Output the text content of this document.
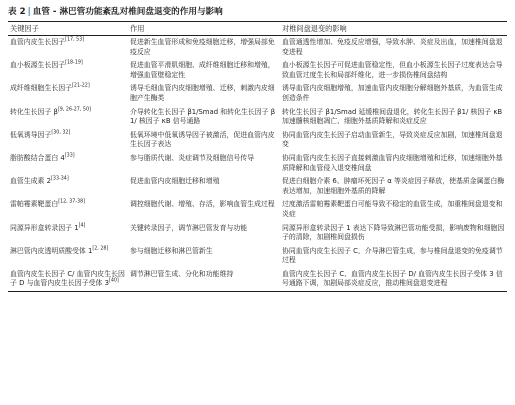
表 2 | 血管 - 淋巴管功能紊乱对椎间盘退变的作用与影响
关键因子	作用	对椎间盘退变的影响
血管内皮生长因子[17, 53]	促进新生血管形成和免疫细胞迁移，增强局部免疫反应	血管通透性增加、免疫反应增强，导致水肿、炎症及出血，加速椎间盘退变进程
血小板源生长因子[18-19]	促进血管平滑肌细胞、成纤维细胞迁移和增殖，增强血管壁稳定性	血小板源生长因子可促进血管稳定性，但血小板源生长因子过度表达会导致血管过度生长和局部纤维化，进一步损伤椎间盘结构
成纤维细胞生长因子[21-22]	诱导毛细血管内皮细胞增殖、迁移，刺激内皮细胞产生酶类	诱导血管内皮细胞增殖，加速血管内皮细胞分解细胞外基质，为血管生成创造条件
转化生长因子 β[9, 26-27, 50]	介导转化生长因子 β1/Smad 和转化生长因子 β1/ 核因子 κB 信号通路	转化生长因子 β1/Smad 延缓椎间盘退化，转化生长因子 β1/ 核因子 κB 加速髓核细胞凋亡、细胞外基质降解和炎症反应
低氧诱导因子[30, 32]	低氧环境中低氧诱导因子被激活，促进血管内皮生长因子表达	协同血管内皮生长因子启动血管新生，导致炎症反应加剧，加速椎间盘退变
脂肪酸结合蛋白 4[33]	参与脂质代谢、炎症调节及细胞信号传导	协同血管内皮生长因子直接刺激血管内皮细胞增殖和迁移，加速细胞外基质降解和血管侵入退变椎间盘
血管生成素 2[33-34]	促进血管内皮细胞迁移和增殖	促进白细胞介素 6、肿瘤坏死因子 α 等炎症因子释放，使基质金属蛋白酶表达增加，加速细胞外基质的降解
雷帕霉素靶蛋白[12, 37-38]	调控细胞代谢、增殖、存活，影响血管生成过程	过度激活雷帕霉素靶蛋白可能导致不稳定的血管生成，加重椎间盘退变和炎症
同源异形盒转录因子 1[4]	关键转录因子，调节淋巴管发育与功能	同源异形盒转录因子 1 表达下降导致淋巴管功能受损，影响废物和细胞因子的清除，加剧椎间盘损伤
淋巴管内皮透明质酸受体 1[2, 28]	参与细胞迁移和淋巴管新生	协同血管内皮生长因子 C，介导淋巴管生成，参与椎间盘退变的免疫调节过程
血管内皮生长因子 C/ 血管内皮生长因子 D 与血管内皮生长因子受体 3[40]	调节淋巴管生成、分化和功能维持	血管内皮生长因子 C、血管内皮生长因子 D/ 血管内皮生长因子受体 3 信号通路下调，加剧局部炎症反应，推动椎间盘退变进程
